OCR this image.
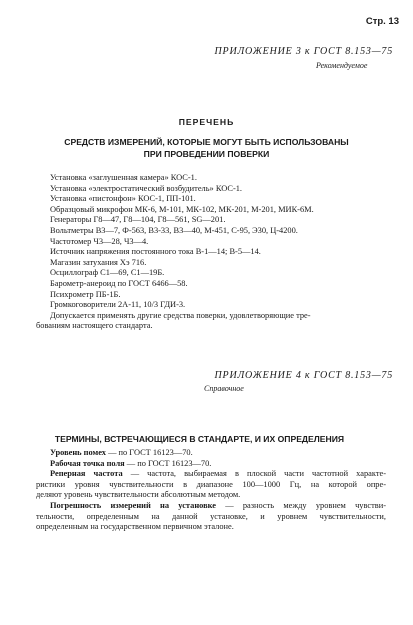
Стр. 13
ПРИЛОЖЕНИЕ 3 к ГОСТ 8.153—75
Рекомендуемое
ПЕРЕЧЕНЬ
СРЕДСТВ ИЗМЕРЕНИЙ, КОТОРЫЕ МОГУТ БЫТЬ ИСПОЛЬЗОВАНЫ
ПРИ ПРОВЕДЕНИИ ПОВЕРКИ
Установка «заглушенная камера» КОС-1.
Установка «электростатический возбудитель» КОС-1.
Установка «пистонфон» КОС-1, ПП-101.
Образцовый микрофон МК-6, М-101, МК-102, МК-201, М-201, МИК-6М.
Генераторы Г8—47, Г8—104, Г8—561, SG—201.
Вольтметры В3—7, Ф-563, В3-33, В3—40, М-451, С-95, Э30, Ц-4200.
Частотомер Ч3—28, Ч3—4.
Источник напряжения постоянного тока В-1—14; В-5—14.
Магазин затухания Хэ 716.
Осциллограф С1—69, С1—19Б.
Барометр-анероид по ГОСТ 6466—58.
Психрометр ПБ-1Б.
Громкоговорители 2А-11, 10/3 ГДИ-3.
Допускается применять другие средства поверки, удовлетворяющие тре-
бованиям настоящего стандарта.
ПРИЛОЖЕНИЕ 4 к ГОСТ 8.153—75
Справочное
ТЕРМИНЫ, ВСТРЕЧАЮЩИЕСЯ В СТАНДАРТЕ, И ИХ ОПРЕДЕЛЕНИЯ
Уровень помех — по ГОСТ 16123—70.
Рабочая точка поля — по ГОСТ 16123—70.
Реперная частота — частота, выбираемая в плоской части частотной характе-
ристики уровня чувствительности в диапазоне 100—1000 Гц, на которой опре-
деляют уровень чувствительности абсолютным методом.
Погрешность измерений на установке — разность между уровнем чувстви-
тельности, определенным на данной установке, и уровнем чувствительности,
определенным на государственном первичном эталоне.
